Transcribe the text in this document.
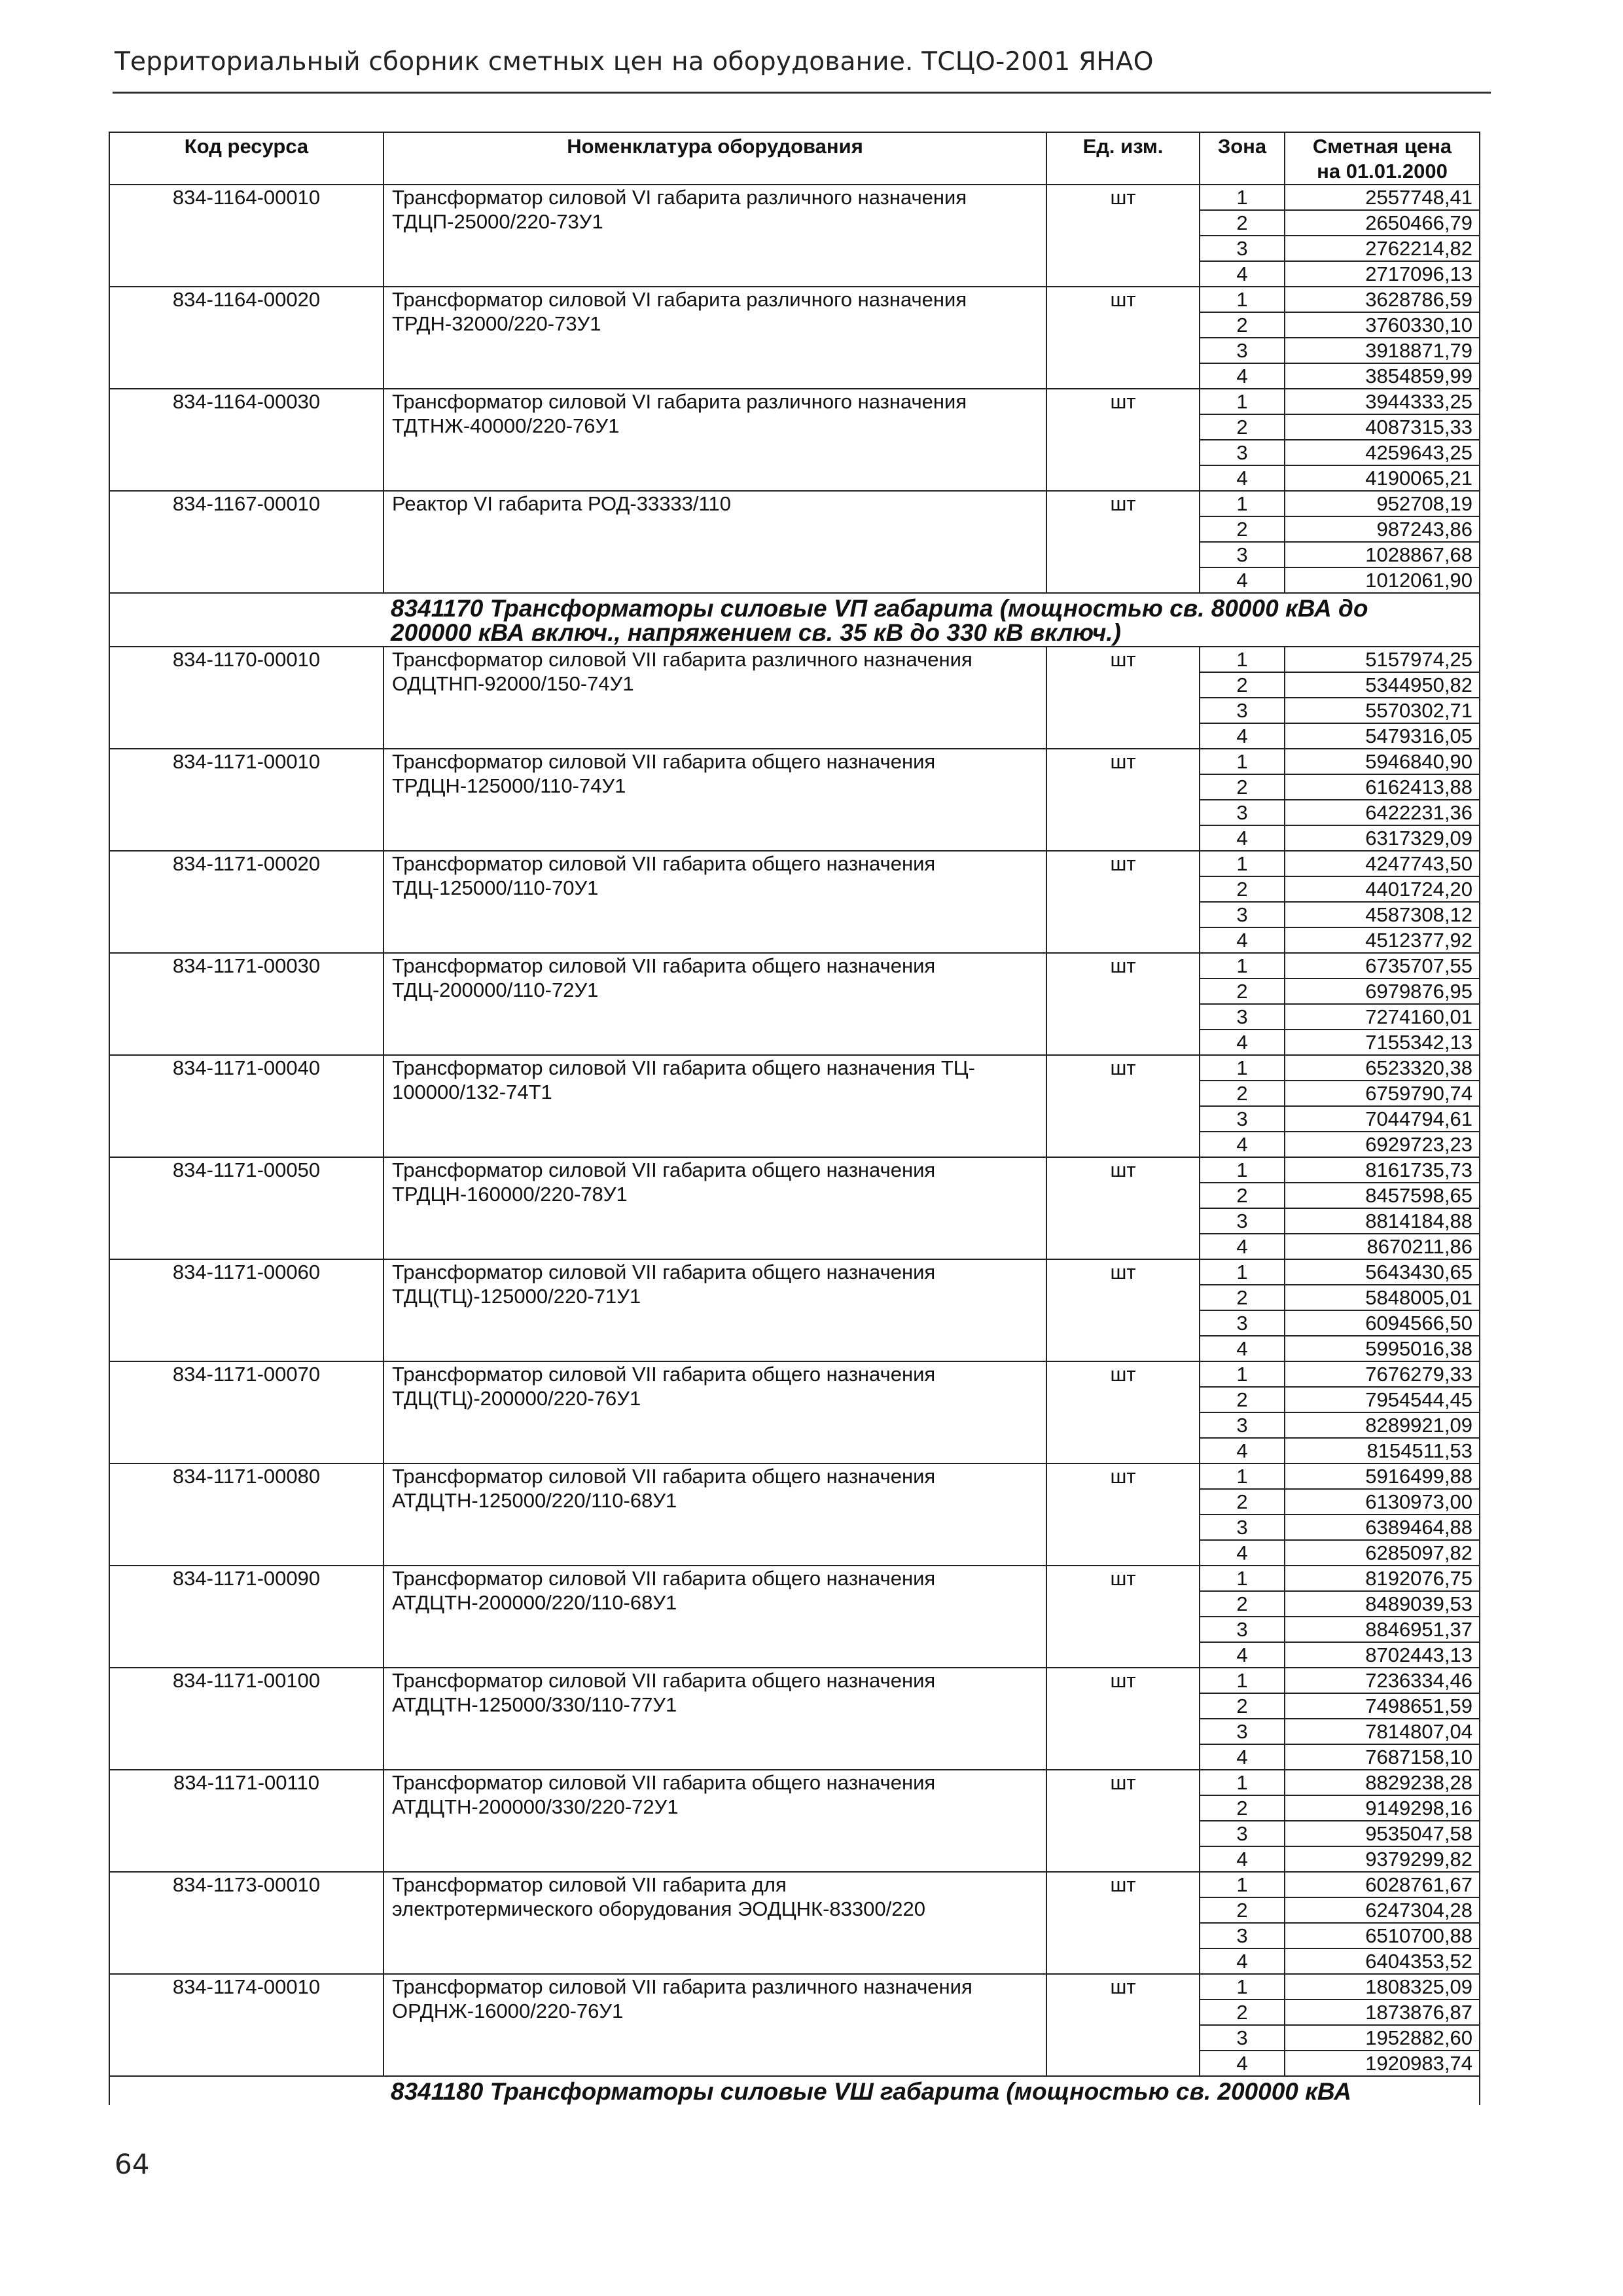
Территориальный сборник сметных цен на оборудование. ТСЦО-2001 ЯНАО
Код ресурса	Номенклатура оборудования	Ед. изм.	Зона	Сметная цена
на 01.01.2000
834-1164-00010	Трансформатор силовой VI габарита различного назначения
ТДЦП-25000/220-73У1	шт	1	2557748,41
			2	2650466,79
			3	2762214,82
			4	2717096,13
834-1164-00020	Трансформатор силовой VI габарита различного назначения
ТРДН-32000/220-73У1	шт	1	3628786,59
			2	3760330,10
			3	3918871,79
			4	3854859,99
834-1164-00030	Трансформатор силовой VI габарита различного назначения
ТДТНЖ-40000/220-76У1	шт	1	3944333,25
			2	4087315,33
			3	4259643,25
			4	4190065,21
834-1167-00010	Реактор VI габарита РОД-33333/110	шт	1	952708,19
			2	987243,86
			3	1028867,68
			4	1012061,90
8341170 Трансформаторы силовые VП габарита (мощностью св. 80000 кВА до
200000 кВА включ., напряжением св. 35 кВ до 330 кВ включ.)				
834-1170-00010	Трансформатор силовой VII габарита различного назначения
ОДЦТНП-92000/150-74У1	шт	1	5157974,25
			2	5344950,82
			3	5570302,71
			4	5479316,05
834-1171-00010	Трансформатор силовой VII габарита общего назначения
ТРДЦН-125000/110-74У1	шт	1	5946840,90
			2	6162413,88
			3	6422231,36
			4	6317329,09
834-1171-00020	Трансформатор силовой VII габарита общего назначения
ТДЦ-125000/110-70У1	шт	1	4247743,50
			2	4401724,20
			3	4587308,12
			4	4512377,92
834-1171-00030	Трансформатор силовой VII габарита общего назначения
ТДЦ-200000/110-72У1	шт	1	6735707,55
			2	6979876,95
			3	7274160,01
			4	7155342,13
834-1171-00040	Трансформатор силовой VII габарита общего назначения ТЦ-
100000/132-74Т1	шт	1	6523320,38
			2	6759790,74
			3	7044794,61
			4	6929723,23
834-1171-00050	Трансформатор силовой VII габарита общего назначения
ТРДЦН-160000/220-78У1	шт	1	8161735,73
			2	8457598,65
			3	8814184,88
			4	8670211,86
834-1171-00060	Трансформатор силовой VII габарита общего назначения
ТДЦ(ТЦ)-125000/220-71У1	шт	1	5643430,65
			2	5848005,01
			3	6094566,50
			4	5995016,38
834-1171-00070	Трансформатор силовой VII габарита общего назначения
ТДЦ(ТЦ)-200000/220-76У1	шт	1	7676279,33
			2	7954544,45
			3	8289921,09
			4	8154511,53
834-1171-00080	Трансформатор силовой VII габарита общего назначения
АТДЦТН-125000/220/110-68У1	шт	1	5916499,88
			2	6130973,00
			3	6389464,88
			4	6285097,82
834-1171-00090	Трансформатор силовой VII габарита общего назначения
АТДЦТН-200000/220/110-68У1	шт	1	8192076,75
			2	8489039,53
			3	8846951,37
			4	8702443,13
834-1171-00100	Трансформатор силовой VII габарита общего назначения
АТДЦТН-125000/330/110-77У1	шт	1	7236334,46
			2	7498651,59
			3	7814807,04
			4	7687158,10
834-1171-00110	Трансформатор силовой VII габарита общего назначения
АТДЦТН-200000/330/220-72У1	шт	1	8829238,28
			2	9149298,16
			3	9535047,58
			4	9379299,82
834-1173-00010	Трансформатор силовой VII габарита для
электротермического оборудования ЭОДЦНК-83300/220	шт	1	6028761,67
			2	6247304,28
			3	6510700,88
			4	6404353,52
834-1174-00010	Трансформатор силовой VII габарита различного назначения
ОРДНЖ-16000/220-76У1	шт	1	1808325,09
			2	1873876,87
			3	1952882,60
			4	1920983,74
8341180 Трансформаторы силовые VШ габарита (мощностью св. 200000 кВА				
64
